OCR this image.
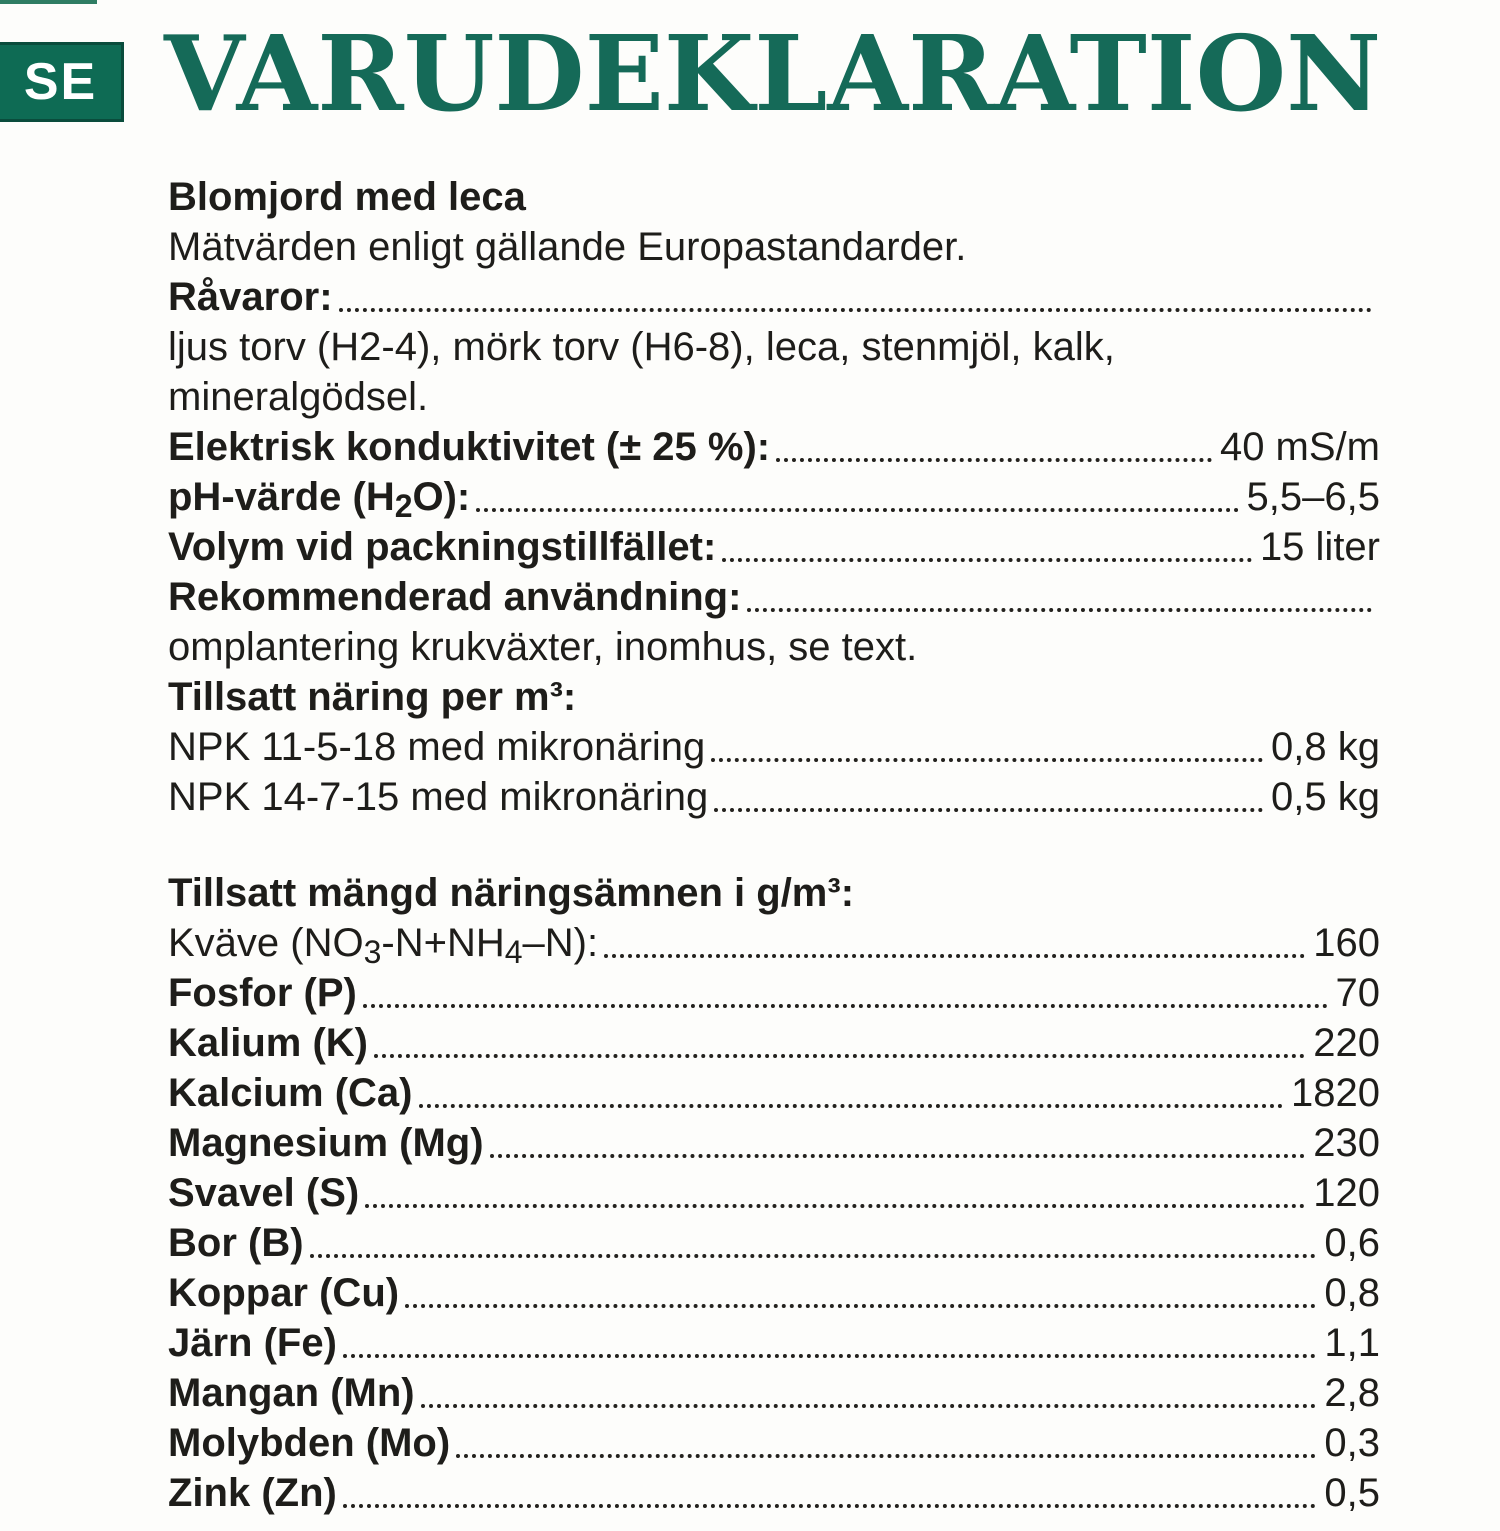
SE VARUDEKLARATION
Blomjord med leca
Mätvärden enligt gällande Europastandarder.
Råvaror:
ljus torv (H2-4), mörk torv (H6-8), leca, stenmjöl, kalk,
mineralgödsel.
Elektrisk konduktivitet (± 25 %):	40 mS/m
pH-värde (H2O):	5,5–6,5
Volym vid packningstillfället:	15 liter
Rekommenderad användning:
omplantering krukväxter, inomhus, se text.
Tillsatt näring per m³:
NPK 11-5-18 med mikronäring	0,8 kg
NPK 14-7-15 med mikronäring	0,5 kg
Tillsatt mängd näringsämnen i g/m³:
Kväve (NO3-N+NH4–N):	160
Fosfor (P)	70
Kalium (K)	220
Kalcium (Ca)	1820
Magnesium (Mg)	230
Svavel (S)	120
Bor (B)	0,6
Koppar (Cu)	0,8
Järn (Fe)	1,1
Mangan (Mn)	2,8
Molybden (Mo)	0,3
Zink (Zn)	0,5
